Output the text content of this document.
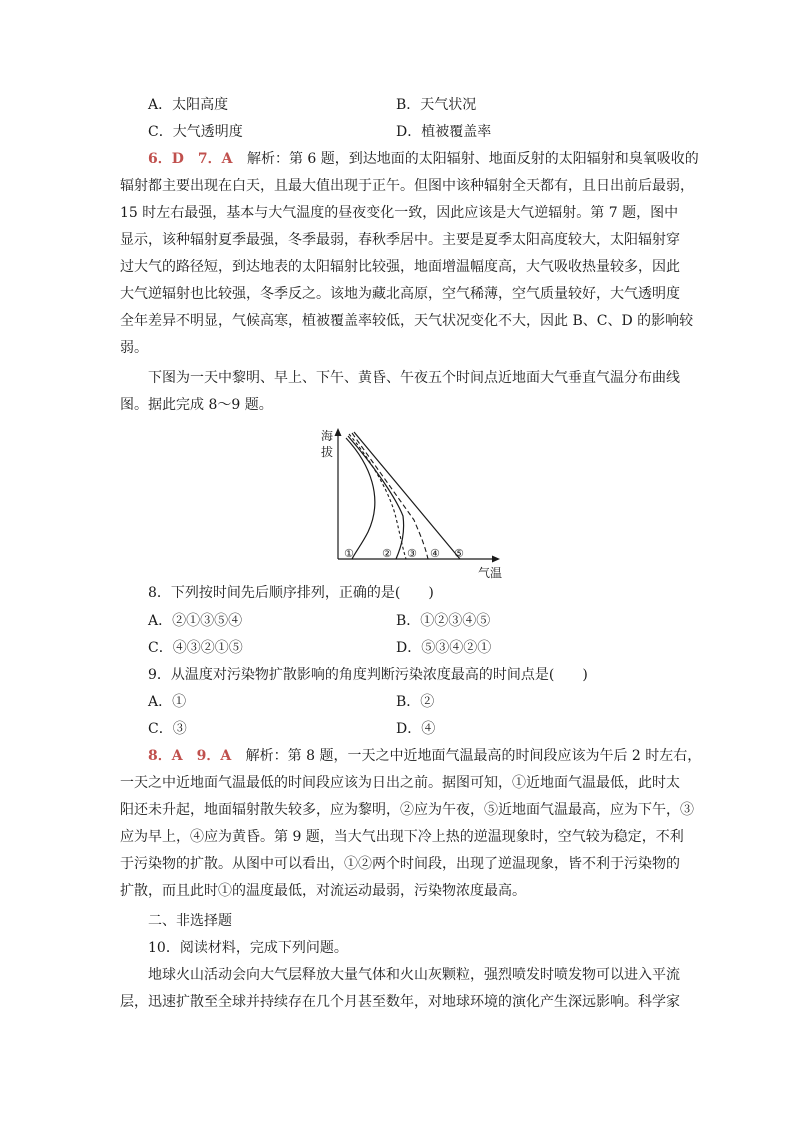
A．太阳高度	B．天气状况
C．大气透明度	D．植被覆盖率
6．D　7．A 解析：第 6 题，到达地面的太阳辐射、地面反射的太阳辐射和臭氧吸收的
辐射都主要出现在白天，且最大值出现于正午。但图中该种辐射全天都有，且日出前后最弱，
15 时左右最强，基本与大气温度的昼夜变化一致，因此应该是大气逆辐射。第 7 题，图中
显示，该种辐射夏季最强，冬季最弱，春秋季居中。主要是夏季太阳高度较大，太阳辐射穿
过大气的路径短，到达地表的太阳辐射比较强，地面增温幅度高，大气吸收热量较多，因此
大气逆辐射也比较强，冬季反之。该地为藏北高原，空气稀薄，空气质量较好，大气透明度
全年差异不明显，气候高寒，植被覆盖率较低，天气状况变化不大，因此 B、C、D 的影响较
弱。
下图为一天中黎明、早上、下午、黄昏、午夜五个时间点近地面大气垂直气温分布曲线
图。据此完成 8～9 题。
海
拔
气温
①	② ③ ④ ⑤
8．下列按时间先后顺序排列，正确的是(　　)
A．②①③⑤④	B．①②③④⑤
C．④③②①⑤	D．⑤③④②①
9．从温度对污染物扩散影响的角度判断污染浓度最高的时间点是(　　)
A．①	B．②
C．③	D．④
8．A　9．A 解析：第 8 题，一天之中近地面气温最高的时间段应该为午后 2 时左右，
一天之中近地面气温最低的时间段应该为日出之前。据图可知，①近地面气温最低，此时太
阳还未升起，地面辐射散失较多，应为黎明，②应为午夜，⑤近地面气温最高，应为下午，③
应为早上，④应为黄昏。第 9 题，当大气出现下冷上热的逆温现象时，空气较为稳定，不利
于污染物的扩散。从图中可以看出，①②两个时间段，出现了逆温现象，皆不利于污染物的
扩散，而且此时①的温度最低，对流运动最弱，污染物浓度最高。
二、非选择题
10．阅读材料，完成下列问题。
地球火山活动会向大气层释放大量气体和火山灰颗粒，强烈喷发时喷发物可以进入平流
层，迅速扩散至全球并持续存在几个月甚至数年，对地球环境的演化产生深远影响。科学家
